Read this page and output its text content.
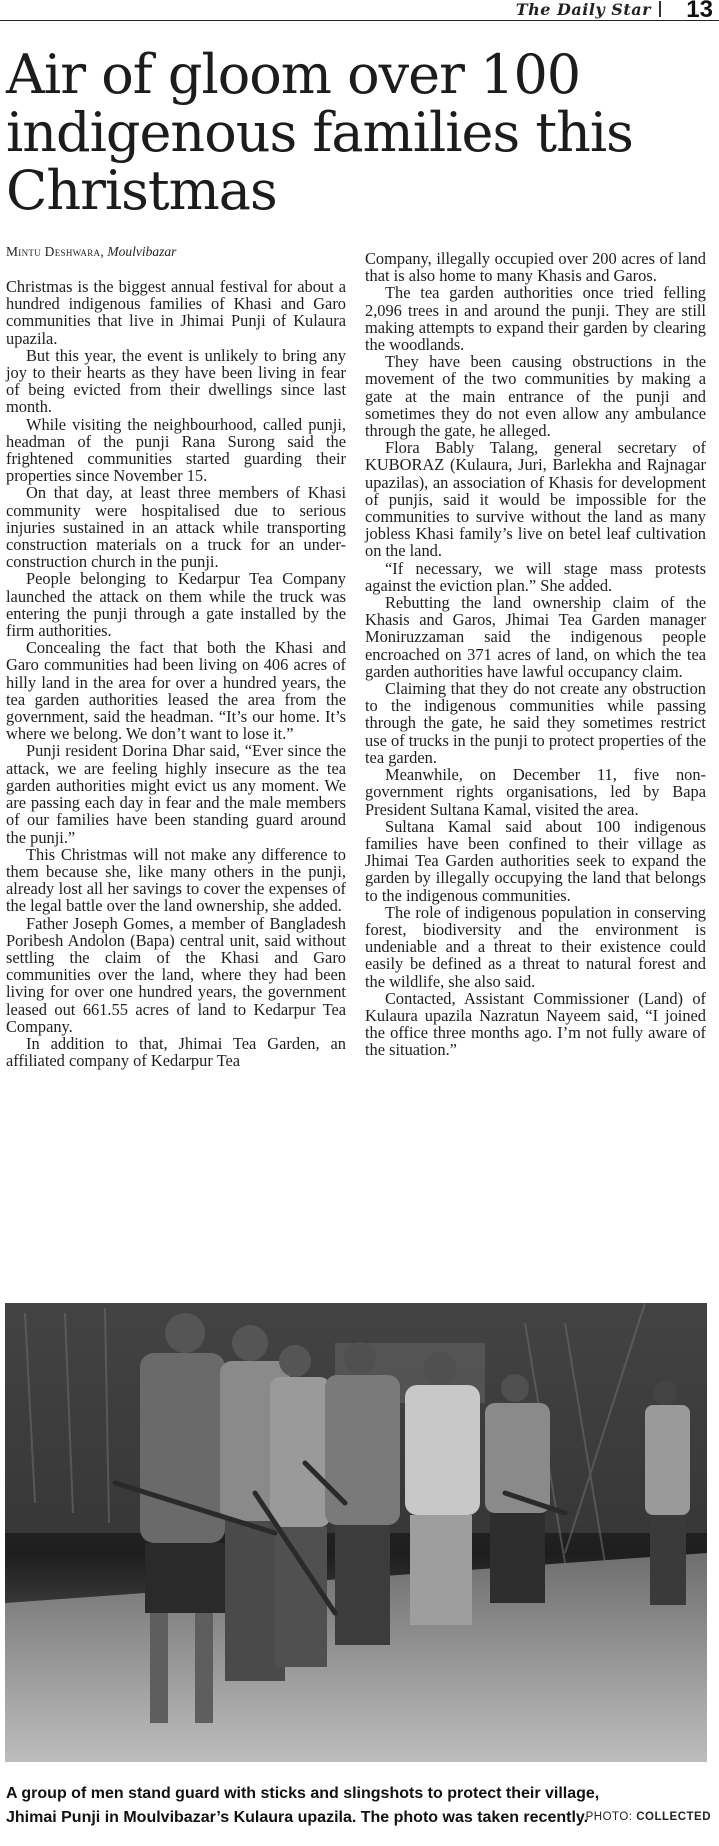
The Daily Star 13
Air of gloom over 100 indigenous families this Christmas
Mintu Deshwara, Moulvibazar

Christmas is the biggest annual festival for about a hundred indigenous families of Khasi and Garo communities that live in Jhimai Punji of Kulaura upazila.

But this year, the event is unlikely to bring any joy to their hearts as they have been living in fear of being evicted from their dwellings since last month.

While visiting the neighbourhood, called punji, headman of the punji Rana Surong said the frightened communities started guarding their properties since November 15.

On that day, at least three members of Khasi community were hospitalised due to serious injuries sustained in an attack while transporting construction materials on a truck for an under-construction church in the punji.

People belonging to Kedarpur Tea Company launched the attack on them while the truck was entering the punji through a gate installed by the firm authorities.

Concealing the fact that both the Khasi and Garo communities had been living on 406 acres of hilly land in the area for over a hundred years, the tea garden authorities leased the area from the government, said the headman. “It’s our home. It’s where we belong. We don’t want to lose it.”

Punji resident Dorina Dhar said, “Ever since the attack, we are feeling highly insecure as the tea garden authorities might evict us any moment. We are passing each day in fear and the male members of our families have been standing guard around the punji.”

This Christmas will not make any difference to them because she, like many others in the punji, already lost all her savings to cover the expenses of the legal battle over the land ownership, she added.

Father Joseph Gomes, a member of Bangladesh Poribesh Andolon (Bapa) central unit, said without settling the claim of the Khasi and Garo communities over the land, where they had been living for over one hundred years, the government leased out 661.55 acres of land to Kedarpur Tea Company.

In addition to that, Jhimai Tea Garden, an affiliated company of Kedarpur Tea

Company, illegally occupied over 200 acres of land that is also home to many Khasis and Garos.

The tea garden authorities once tried felling 2,096 trees in and around the punji. They are still making attempts to expand their garden by clearing the woodlands.

They have been causing obstructions in the movement of the two communities by making a gate at the main entrance of the punji and sometimes they do not even allow any ambulance through the gate, he alleged.

Flora Bably Talang, general secretary of KUBORAZ (Kulaura, Juri, Barlekha and Rajnagar upazilas), an association of Khasis for development of punjis, said it would be impossible for the communities to survive without the land as many jobless Khasi family’s live on betel leaf cultivation on the land.

“If necessary, we will stage mass protests against the eviction plan.” She added.

Rebutting the land ownership claim of the Khasis and Garos, Jhimai Tea Garden manager Moniruzzaman said the indigenous people encroached on 371 acres of land, on which the tea garden authorities have lawful occupancy claim.

Claiming that they do not create any obstruction to the indigenous communities while passing through the gate, he said they sometimes restrict use of trucks in the punji to protect properties of the tea garden.

Meanwhile, on December 11, five non-government rights organisations, led by Bapa President Sultana Kamal, visited the area.

Sultana Kamal said about 100 indigenous families have been confined to their village as Jhimai Tea Garden authorities seek to expand the garden by illegally occupying the land that belongs to the indigenous communities.

The role of indigenous population in conserving forest, biodiversity and the environment is undeniable and a threat to their existence could easily be defined as a threat to natural forest and the wildlife, she also said.

Contacted, Assistant Commissioner (Land) of Kulaura upazila Nazratun Nayeem said, “I joined the office three months ago. I’m not fully aware of the situation.”

A group of men stand guard with sticks and slingshots to protect their village, Jhimai Punji in Moulvibazar’s Kulaura upazila. The photo was taken recently.
PHOTO: COLLECTED
